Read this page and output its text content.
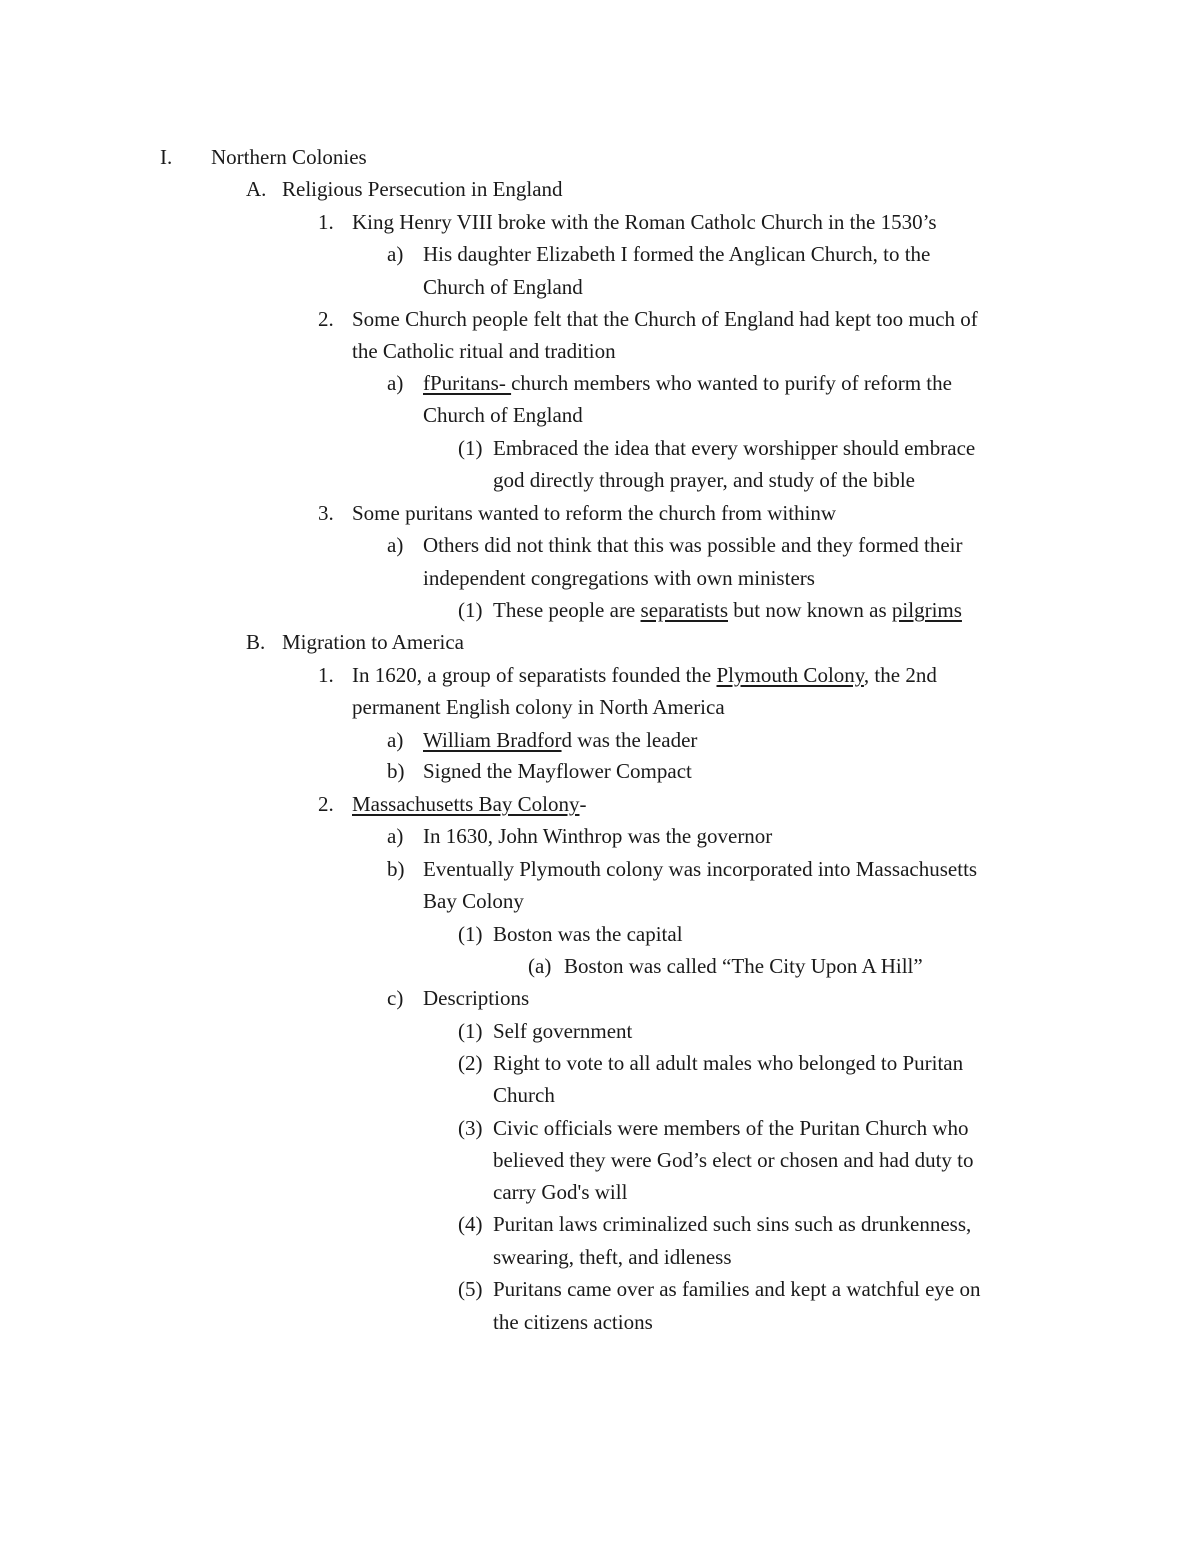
I. Northern Colonies
A. Religious Persecution in England
1. King Henry VIII broke with the Roman Catholc Church in the 1530’s
a) His daughter Elizabeth I formed the Anglican Church, to the
Church of England
2. Some Church people felt that the Church of England had kept too much of
the Catholic ritual and tradition
a) fPuritans- church members who wanted to purify of reform the
Church of England
(1) Embraced the idea that every worshipper should embrace
god directly through prayer, and study of the bible
3. Some puritans wanted to reform the church from withinw
a) Others did not think that this was possible and they formed their
independent congregations with own ministers
(1) These people are separatists but now known as pilgrims
B. Migration to America
1. In 1620, a group of separatists founded the Plymouth Colony, the 2nd
permanent English colony in North America
a) William Bradford was the leader
b) Signed the Mayflower Compact
2. Massachusetts Bay Colony-
a) In 1630, John Winthrop was the governor
b) Eventually Plymouth colony was incorporated into Massachusetts
Bay Colony
(1) Boston was the capital
(a) Boston was called “The City Upon A Hill”
c) Descriptions
(1) Self government
(2) Right to vote to all adult males who belonged to Puritan
Church
(3) Civic officials were members of the Puritan Church who
believed they were God’s elect or chosen and had duty to
carry God's will
(4) Puritan laws criminalized such sins such as drunkenness,
swearing, theft, and idleness
(5) Puritans came over as families and kept a watchful eye on
the citizens actions
